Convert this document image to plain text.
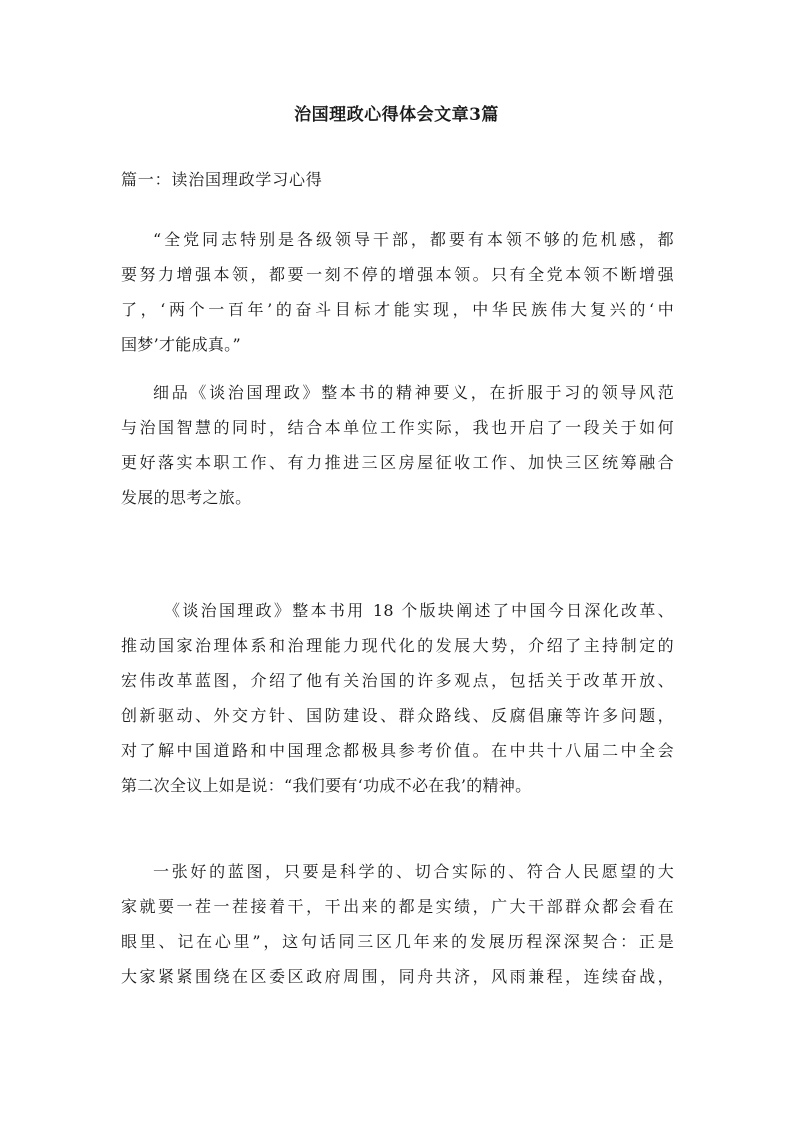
治国理政心得体会文章3篇
篇一：读治国理政学习心得
“全党同志特别是各级领导干部，都要有本领不够的危机感，都
要努力增强本领，都要一刻不停的增强本领。只有全党本领不断增强
了，‘两个一百年’的奋斗目标才能实现，中华民族伟大复兴的‘中
国梦’才能成真。”
细品《谈治国理政》整本书的精神要义，在折服于习的领导风范
与治国智慧的同时，结合本单位工作实际，我也开启了一段关于如何
更好落实本职工作、有力推进三区房屋征收工作、加快三区统筹融合
发展的思考之旅。
《谈治国理政》整本书用 18 个版块阐述了中国今日深化改革、
推动国家治理体系和治理能力现代化的发展大势，介绍了主持制定的
宏伟改革蓝图，介绍了他有关治国的许多观点，包括关于改革开放、
创新驱动、外交方针、国防建设、群众路线、反腐倡廉等许多问题，
对了解中国道路和中国理念都极具参考价值。在中共十八届二中全会
第二次全议上如是说：“我们要有‘功成不必在我’的精神。
一张好的蓝图，只要是科学的、切合实际的、符合人民愿望的大
家就要一茬一茬接着干，干出来的都是实绩，广大干部群众都会看在
眼里、记在心里”，这句话同三区几年来的发展历程深深契合：正是
大家紧紧围绕在区委区政府周围，同舟共济，风雨兼程，连续奋战，
